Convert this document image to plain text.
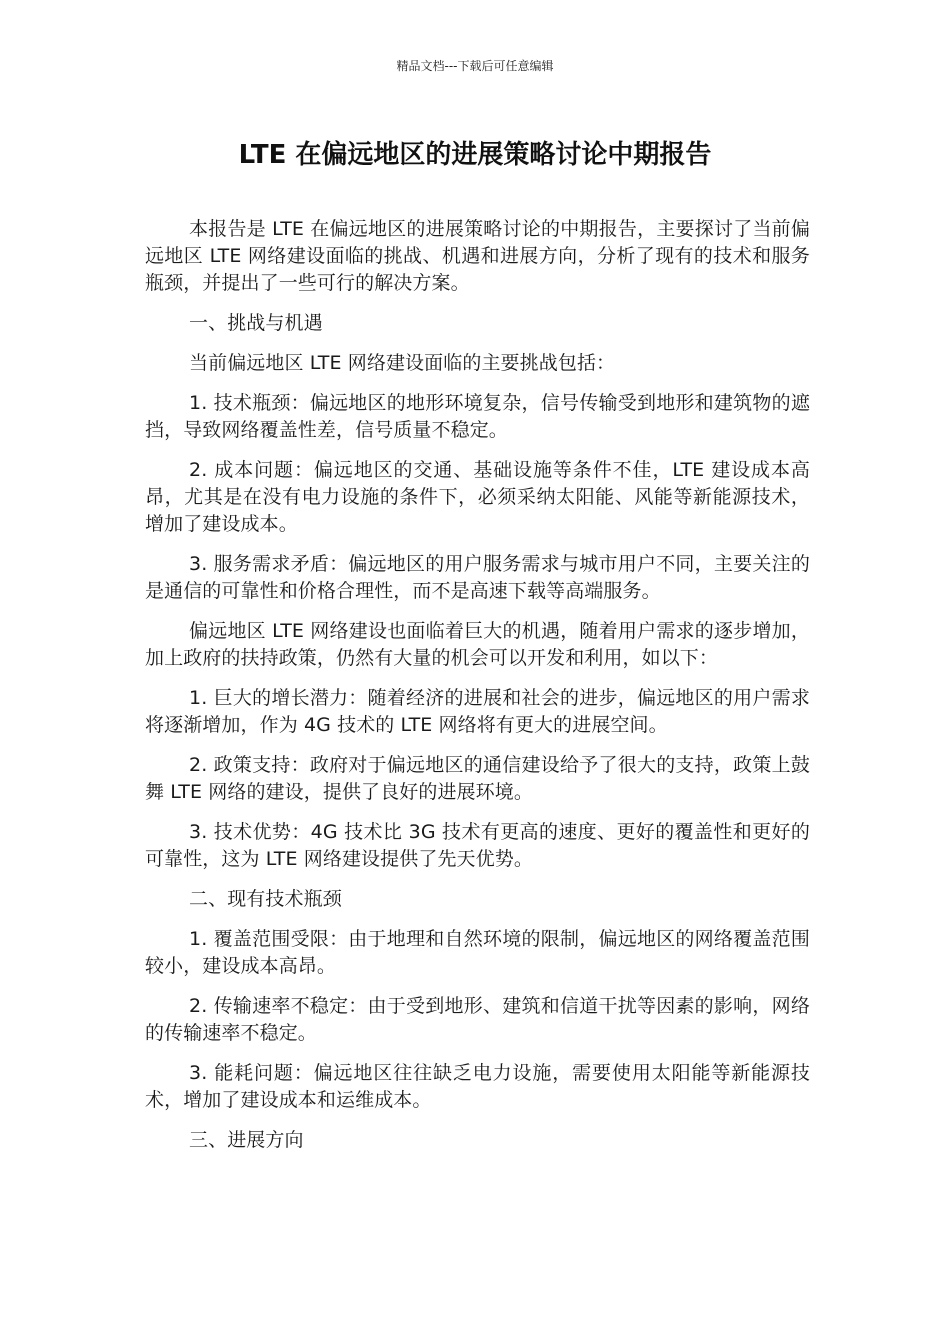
精品文档---下载后可任意编辑
LTE 在偏远地区的进展策略讨论中期报告

本报告是 LTE 在偏远地区的进展策略讨论的中期报告，主要探讨了当前偏远地区 LTE 网络建设面临的挑战、机遇和进展方向，分析了现有的技术和服务瓶颈，并提出了一些可行的解决方案。

一、挑战与机遇

当前偏远地区 LTE 网络建设面临的主要挑战包括：

1. 技术瓶颈：偏远地区的地形环境复杂，信号传输受到地形和建筑物的遮挡，导致网络覆盖性差，信号质量不稳定。

2. 成本问题：偏远地区的交通、基础设施等条件不佳，LTE 建设成本高昂，尤其是在没有电力设施的条件下，必须采纳太阳能、风能等新能源技术，增加了建设成本。

3. 服务需求矛盾：偏远地区的用户服务需求与城市用户不同，主要关注的是通信的可靠性和价格合理性，而不是高速下载等高端服务。

偏远地区 LTE 网络建设也面临着巨大的机遇，随着用户需求的逐步增加，加上政府的扶持政策，仍然有大量的机会可以开发和利用，如以下：

1. 巨大的增长潜力：随着经济的进展和社会的进步，偏远地区的用户需求将逐渐增加，作为 4G 技术的 LTE 网络将有更大的进展空间。

2. 政策支持：政府对于偏远地区的通信建设给予了很大的支持，政策上鼓舞 LTE 网络的建设，提供了良好的进展环境。

3. 技术优势：4G 技术比 3G 技术有更高的速度、更好的覆盖性和更好的可靠性，这为 LTE 网络建设提供了先天优势。

二、现有技术瓶颈

1. 覆盖范围受限：由于地理和自然环境的限制，偏远地区的网络覆盖范围较小，建设成本高昂。

2. 传输速率不稳定：由于受到地形、建筑和信道干扰等因素的影响，网络的传输速率不稳定。

3. 能耗问题：偏远地区往往缺乏电力设施，需要使用太阳能等新能源技术，增加了建设成本和运维成本。

三、进展方向
